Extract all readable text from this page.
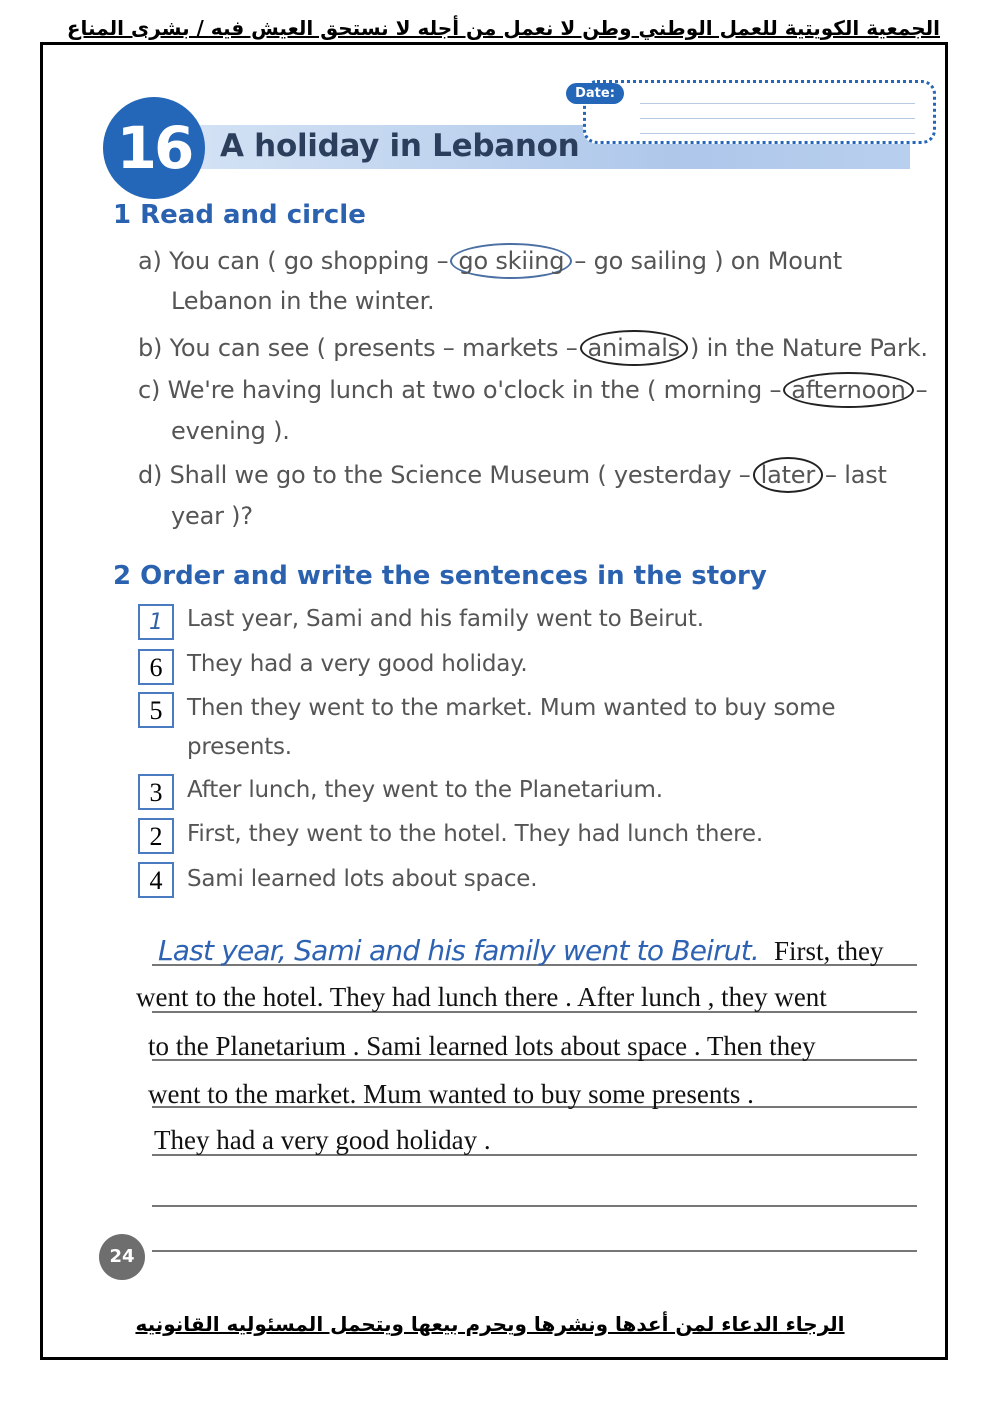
الجمعية الكويتية للعمل الوطني وطن لا نعمل من أجله لا نستحق العيش فيه / بشرى المناع
Date:
16 A holiday in Lebanon
1 Read and circle
a) You can ( go shopping – go skiing – go sailing ) on Mount
Lebanon in the winter.
b) You can see ( presents – markets – animals ) in the Nature Park.
c) We're having lunch at two o'clock in the ( morning – afternoon –
evening ).
d) Shall we go to the Science Museum ( yesterday – later – last
year )?
2 Order and write the sentences in the story
1	Last year, Sami and his family went to Beirut.
6	They had a very good holiday.
5	Then they went to the market. Mum wanted to buy some
presents.
3	After lunch, they went to the Planetarium.
2	First, they went to the hotel. They had lunch there.
4	Sami learned lots about space.
Last year, Sami and his family went to Beirut. First, they
went to the hotel. They had lunch there . After lunch , they went
to the Planetarium . Sami learned lots about space . Then they
went to the market. Mum wanted to buy some presents .
They had a very good holiday .
24
الرجاء الدعاء لمن أعدها ونشرها ويحرم بيعها ويتحمل المسئوليه القانونيه
